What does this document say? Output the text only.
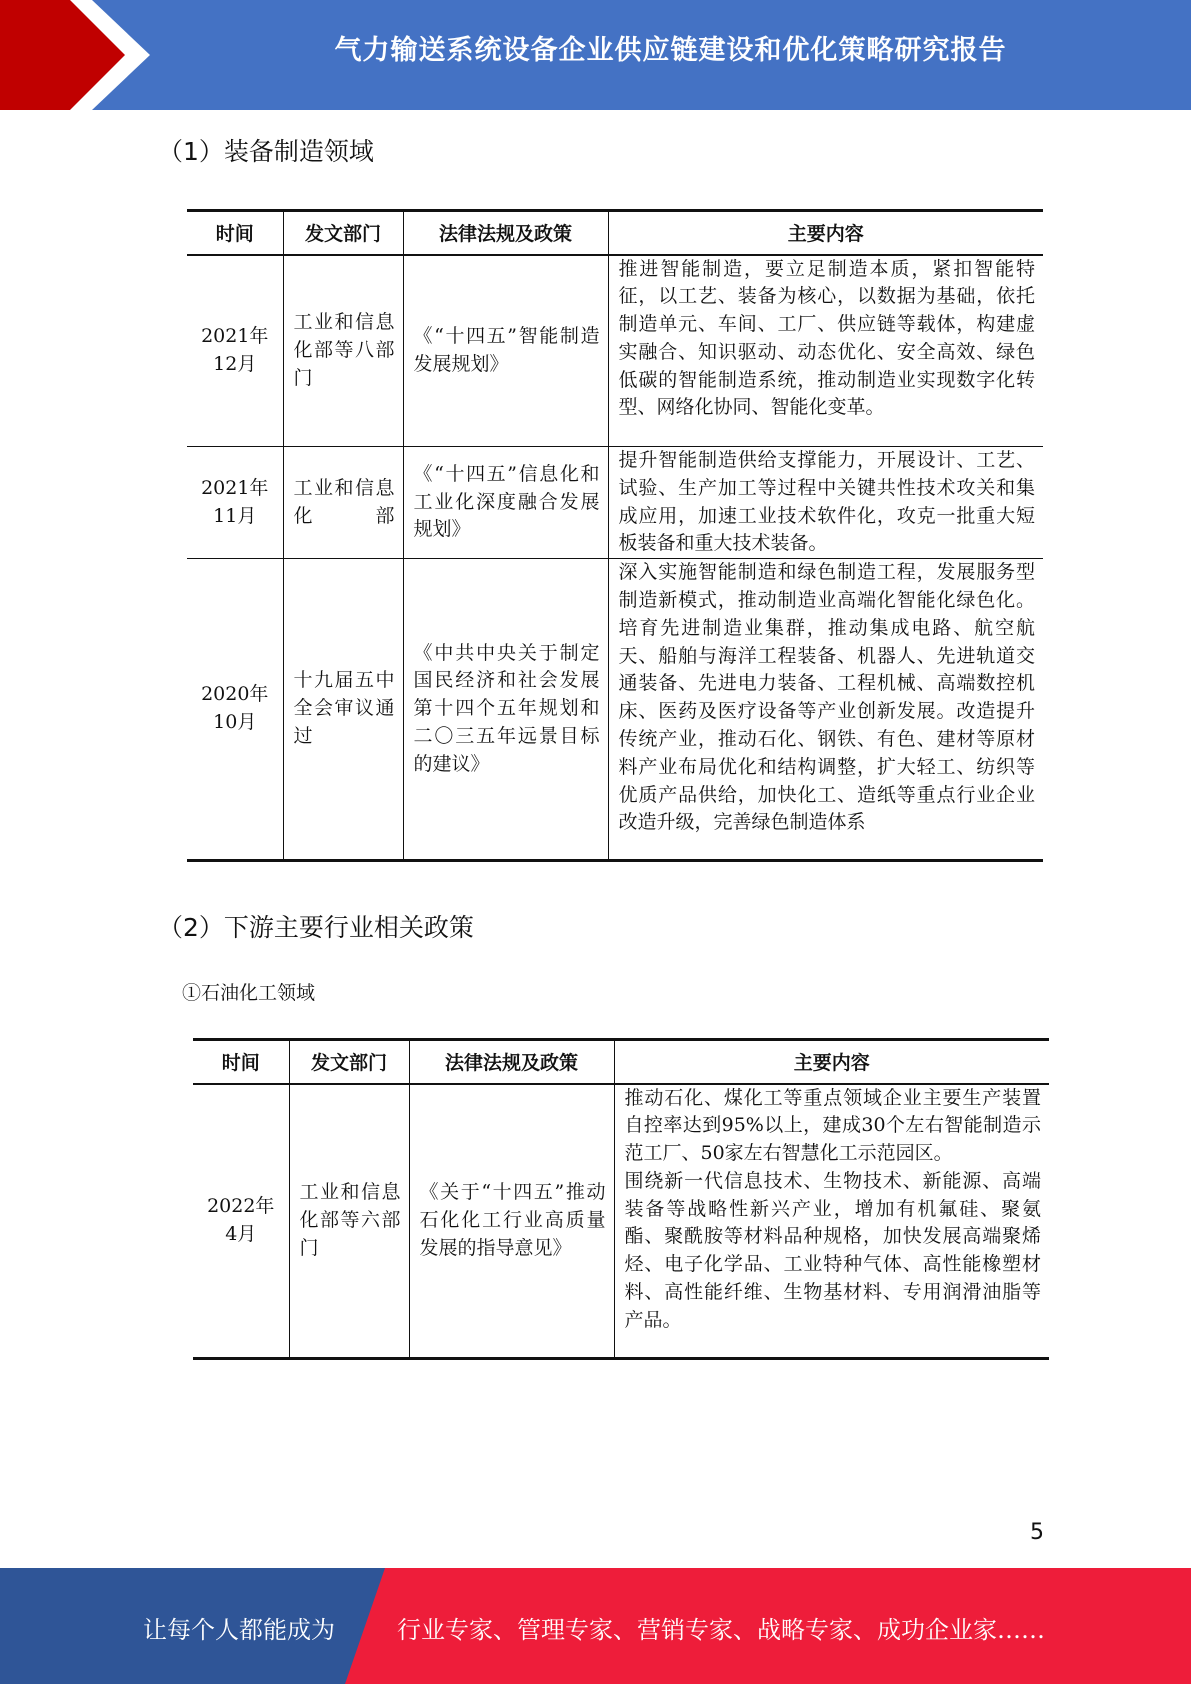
气力输送系统设备企业供应链建设和优化策略研究报告
（1）装备制造领域
时间	发文部门	法律法规及政策	主要内容
2021年
12月	工业和信息化部等八部门	《“十四五”智能制造发展规划》	推进智能制造，要立足制造本质，紧扣智能特征，以工艺、装备为核心，以数据为基础，依托制造单元、车间、工厂、供应链等载体，构建虚实融合、知识驱动、动态优化、安全高效、绿色低碳的智能制造系统，推动制造业实现数字化转型、网络化协同、智能化变革。
2021年
11月	工业和信息化部	《“十四五”信息化和工业化深度融合发展规划》	提升智能制造供给支撑能力，开展设计、工艺、试验、生产加工等过程中关键共性技术攻关和集成应用，加速工业技术软件化，攻克一批重大短板装备和重大技术装备。
2020年
10月	十九届五中全会审议通过	《中共中央关于制定国民经济和社会发展第十四个五年规划和二〇三五年远景目标的建议》	深入实施智能制造和绿色制造工程，发展服务型制造新模式，推动制造业高端化智能化绿色化。培育先进制造业集群，推动集成电路、航空航天、船舶与海洋工程装备、机器人、先进轨道交通装备、先进电力装备、工程机械、高端数控机床、医药及医疗设备等产业创新发展。改造提升传统产业，推动石化、钢铁、有色、建材等原材料产业布局优化和结构调整，扩大轻工、纺织等优质产品供给，加快化工、造纸等重点行业企业改造升级，完善绿色制造体系
（2）下游主要行业相关政策
①石油化工领域
时间	发文部门	法律法规及政策	主要内容
2022年
4月	工业和信息化部等六部门	《关于“十四五”推动石化化工行业高质量发展的指导意见》	推动石化、煤化工等重点领域企业主要生产装置自控率达到95%以上，建成30个左右智能制造示范工厂、50家左右智慧化工示范园区。
围绕新一代信息技术、生物技术、新能源、高端装备等战略性新兴产业，增加有机氟硅、聚氨酯、聚酰胺等材料品种规格，加快发展高端聚烯烃、电子化学品、工业特种气体、高性能橡塑材料、高性能纤维、生物基材料、专用润滑油脂等产品。
5
让每个人都能成为	行业专家、管理专家、营销专家、战略专家、成功企业家……
